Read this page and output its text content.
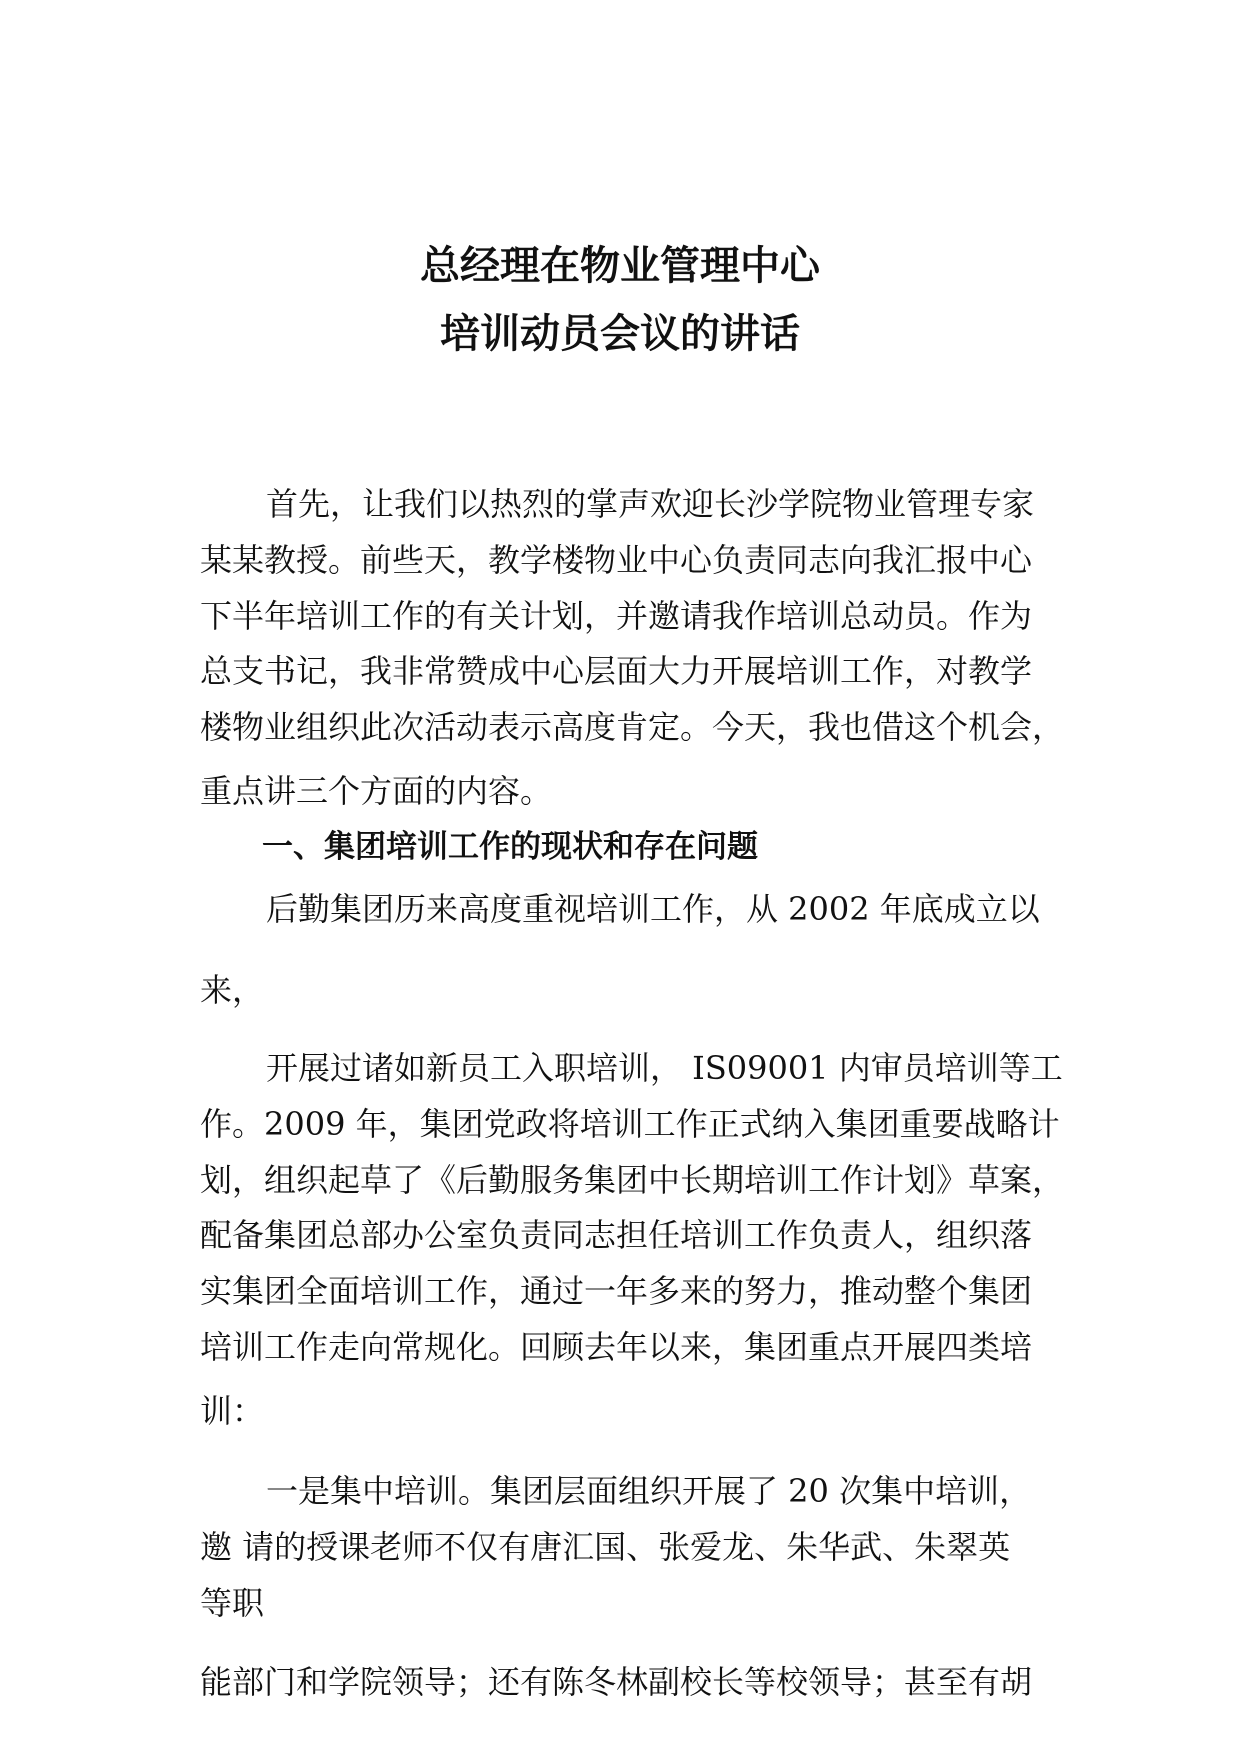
总经理在物业管理中心
培训动员会议的讲话
首先，让我们以热烈的掌声欢迎长沙学院物业管理专家
某某教授。前些天，教学楼物业中心负责同志向我汇报中心
下半年培训工作的有关计划，并邀请我作培训总动员。作为
总支书记，我非常赞成中心层面大力开展培训工作，对教学
楼物业组织此次活动表示高度肯定。今天，我也借这个机会，
重点讲三个方面的内容。
一、集团培训工作的现状和存在问题
后勤集团历来高度重视培训工作，从 2002 年底成立以
来，
开展过诸如新员工入职培训， IS09001 内审员培训等工
作。2009 年，集团党政将培训工作正式纳入集团重要战略计
划，组织起草了《后勤服务集团中长期培训工作计划》草案，
配备集团总部办公室负责同志担任培训工作负责人，组织落
实集团全面培训工作，通过一年多来的努力，推动整个集团
培训工作走向常规化。回顾去年以来，集团重点开展四类培
训：
一是集中培训。集团层面组织开展了 20 次集中培训，
邀 请的授课老师不仅有唐汇国、张爱龙、朱华武、朱翠英
等职
能部门和学院领导；还有陈冬林副校长等校领导；甚至有胡
